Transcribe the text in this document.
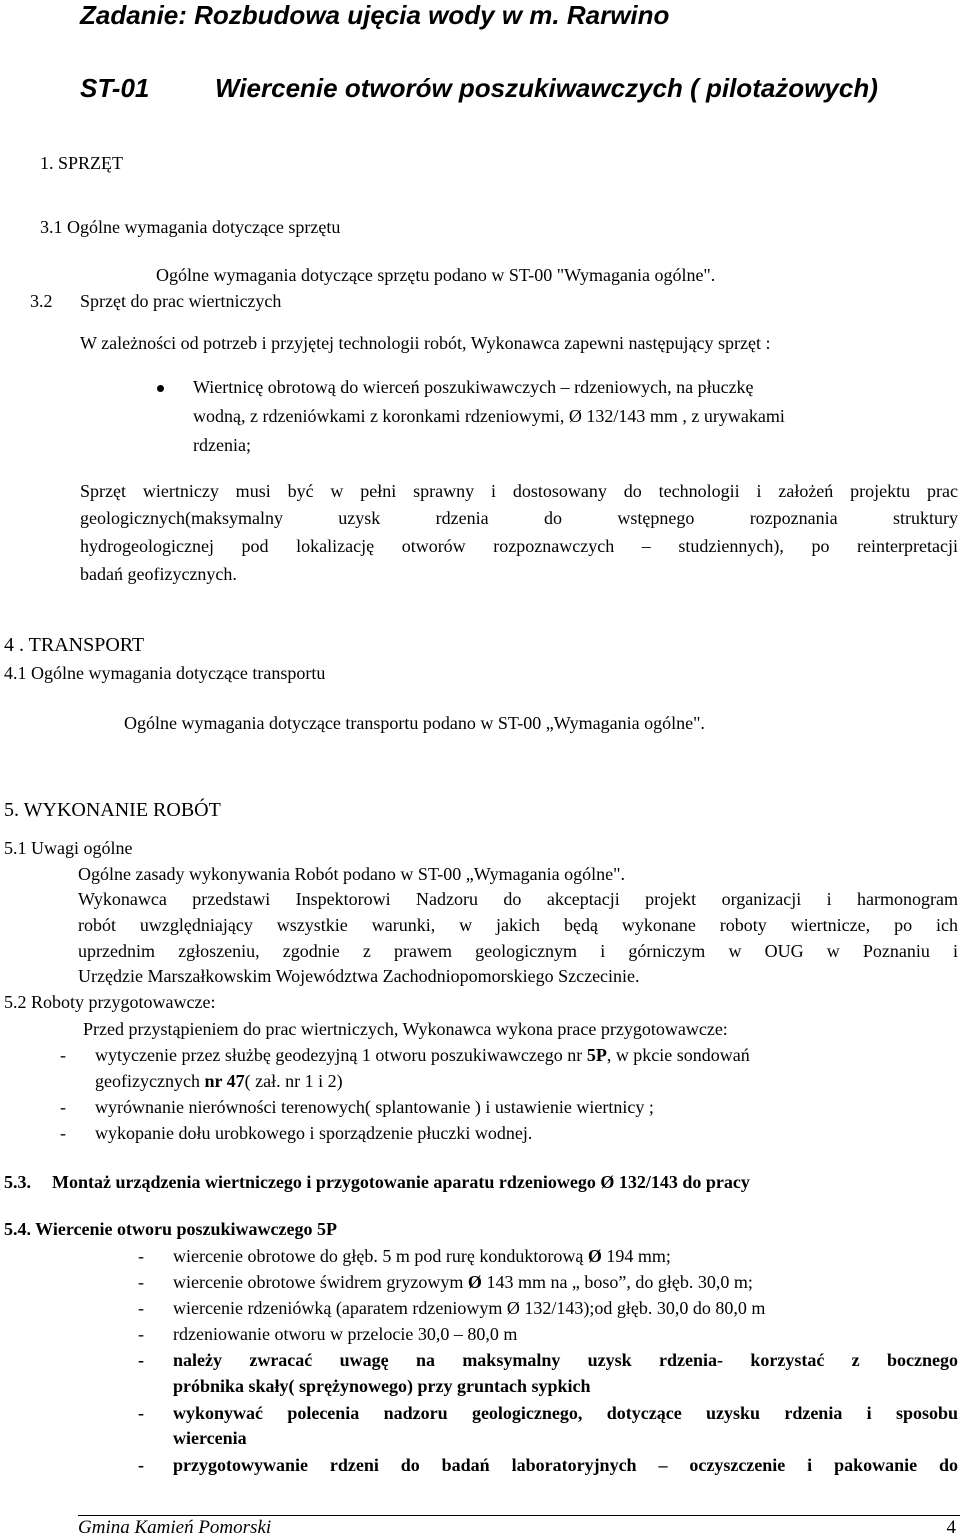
Zadanie: Rozbudowa ujęcia wody w m. Rarwino
ST-01	Wiercenie otworów poszukiwawczych ( pilotażowych)
1. SPRZĘT
3.1 Ogólne wymagania dotyczące sprzętu
Ogólne wymagania dotyczące sprzętu podano w ST-00 "Wymagania ogólne".
3.2 Sprzęt do prac wiertniczych
W zależności od potrzeb i przyjętej technologii robót, Wykonawca zapewni następujący sprzęt :
Wiertnicę obrotową do wierceń poszukiwawczych – rdzeniowych, na płuczkę
wodną, z rdzeniówkami z koronkami rdzeniowymi, Ø 132/143 mm , z urywakami
rdzenia;
Sprzęt wiertniczy musi być w pełni sprawny i dostosowany do technologii i założeń projektu prac
geologicznych(maksymalny uzysk rdzenia do wstępnego rozpoznania struktury
hydrogeologicznej pod lokalizację otworów rozpoznawczych – studziennych), po reinterpretacji
badań geofizycznych.
4 . TRANSPORT
4.1 Ogólne wymagania dotyczące transportu
Ogólne wymagania dotyczące transportu podano w ST-00 „Wymagania ogólne".
5. WYKONANIE ROBÓT
5.1 Uwagi ogólne
Ogólne zasady wykonywania Robót podano w ST-00 „Wymagania ogólne".
Wykonawca przedstawi Inspektorowi Nadzoru do akceptacji projekt organizacji i harmonogram
robót uwzględniający wszystkie warunki, w jakich będą wykonane roboty wiertnicze, po ich
uprzednim zgłoszeniu, zgodnie z prawem geologicznym i górniczym w OUG w Poznaniu i
Urzędzie Marszałkowskim Województwa Zachodniopomorskiego Szczecinie.
5.2 Roboty przygotowawcze:
Przed przystąpieniem do prac wiertniczych, Wykonawca wykona prace przygotowawcze:
- wytyczenie przez służbę geodezyjną 1 otworu poszukiwawczego nr 5P, w pkcie sondowań
geofizycznych nr 47( zał. nr 1 i 2)
- wyrównanie nierówności terenowych( splantowanie ) i ustawienie wiertnicy ;
- wykopanie dołu urobkowego i sporządzenie płuczki wodnej.
5.3. Montaż urządzenia wiertniczego i przygotowanie aparatu rdzeniowego Ø 132/143 do pracy
5.4. Wiercenie otworu poszukiwawczego 5P
- wiercenie obrotowe do głęb. 5 m pod rurę konduktorową Ø 194 mm;
- wiercenie obrotowe świdrem gryzowym Ø 143 mm na „ boso”, do głęb. 30,0 m;
- wiercenie rdzeniówką (aparatem rdzeniowym Ø 132/143);od głęb. 30,0 do 80,0 m
- rdzeniowanie otworu w przelocie 30,0 – 80,0 m
- należy zwracać uwagę na maksymalny uzysk rdzenia- korzystać z bocznego
próbnika skały( sprężynowego) przy gruntach sypkich
- wykonywać polecenia nadzoru geologicznego, dotyczące uzysku rdzenia i sposobu
wiercenia
- przygotowywanie rdzeni do badań laboratoryjnych – oczyszczenie i pakowanie do
Gmina Kamień Pomorski	4
